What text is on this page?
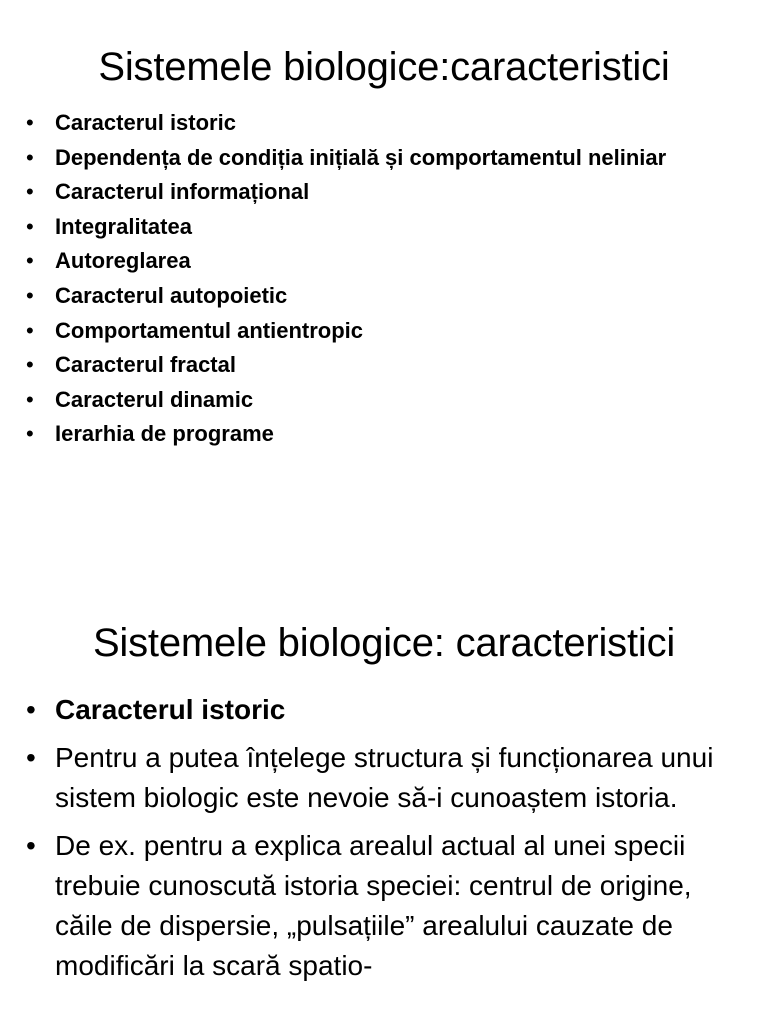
Sistemele biologice:caracteristici
• Caracterul istoric
• Dependența de condiția inițială și comportamentul neliniar
• Caracterul informațional
• Integralitatea
• Autoreglarea
• Caracterul autopoietic
• Comportamentul antientropic
• Caracterul fractal
• Caracterul dinamic
• Ierarhia de programe
Sistemele biologice: caracteristici
• Caracterul istoric
• Pentru a putea înțelege structura și funcționarea unui sistem biologic este nevoie să-i cunoaștem istoria.
• De ex. pentru a explica arealul actual al unei specii trebuie cunoscută istoria speciei: centrul de origine, căile de dispersie, „pulsațiile” arealului cauzate de modificări la scară spatio-
